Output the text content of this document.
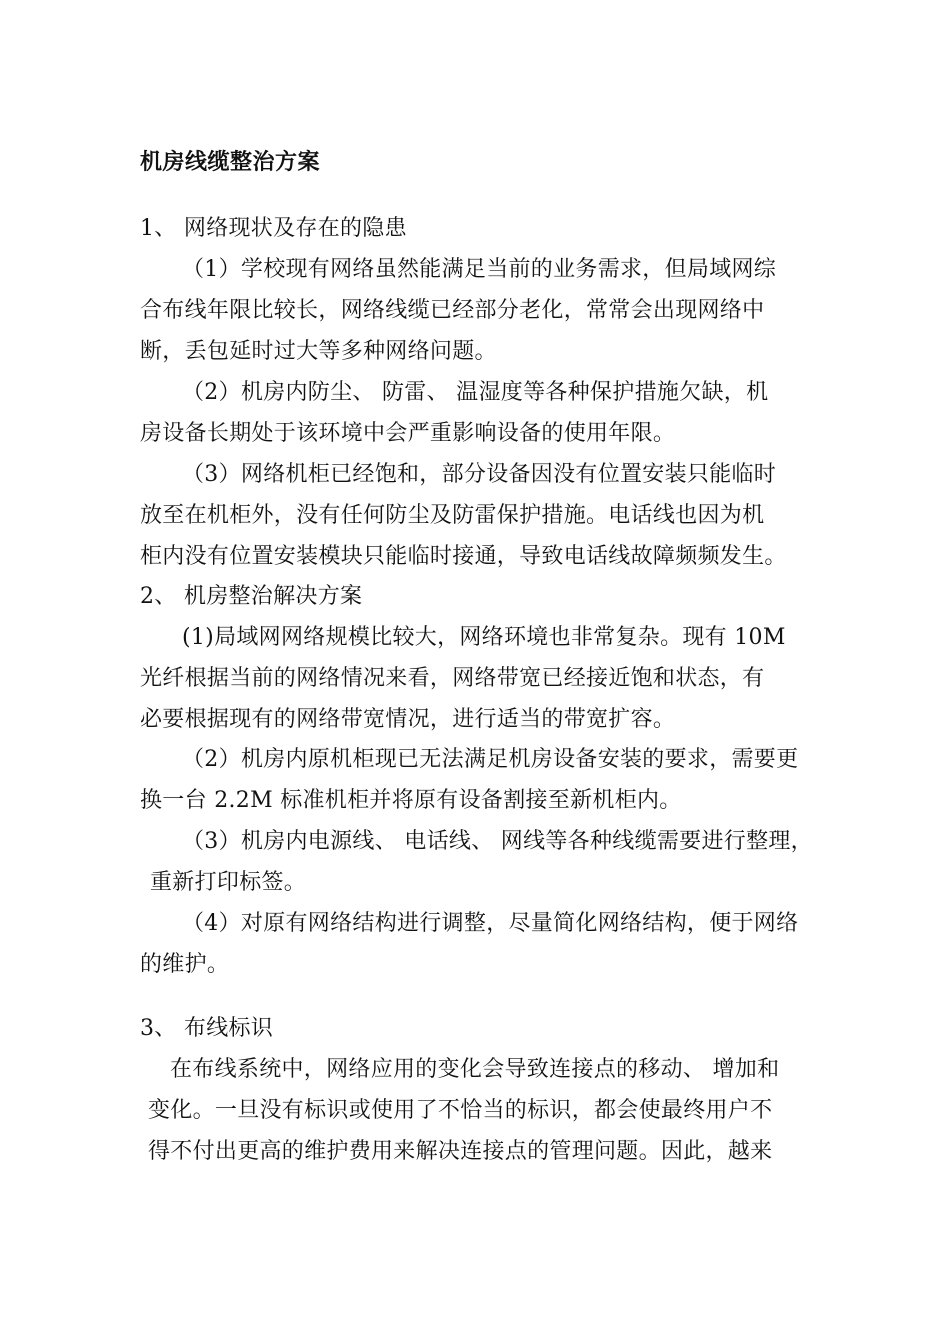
机房线缆整治方案
1、 网络现状及存在的隐患
（1）学校现有网络虽然能满足当前的业务需求，但局域网综
合布线年限比较长，网络线缆已经部分老化，常常会出现网络中
断，丢包延时过大等多种网络问题。
（2）机房内防尘、 防雷、 温湿度等各种保护措施欠缺，机
房设备长期处于该环境中会严重影响设备的使用年限。
（3）网络机柜已经饱和，部分设备因没有位置安装只能临时
放至在机柜外，没有任何防尘及防雷保护措施。电话线也因为机
柜内没有位置安装模块只能临时接通，导致电话线故障频频发生。
2、 机房整治解决方案
(1)局域网网络规模比较大，网络环境也非常复杂。现有 10M
光纤根据当前的网络情况来看，网络带宽已经接近饱和状态，有
必要根据现有的网络带宽情况，进行适当的带宽扩容。
（2）机房内原机柜现已无法满足机房设备安装的要求，需要更
换一台 2.2M 标准机柜并将原有设备割接至新机柜内。
（3）机房内电源线、 电话线、 网线等各种线缆需要进行整理，
重新打印标签。
（4）对原有网络结构进行调整，尽量简化网络结构，便于网络
的维护。
3、 布线标识
在布线系统中，网络应用的变化会导致连接点的移动、 增加和
变化。一旦没有标识或使用了不恰当的标识，都会使最终用户不
得不付出更高的维护费用来解决连接点的管理问题。因此，越来
